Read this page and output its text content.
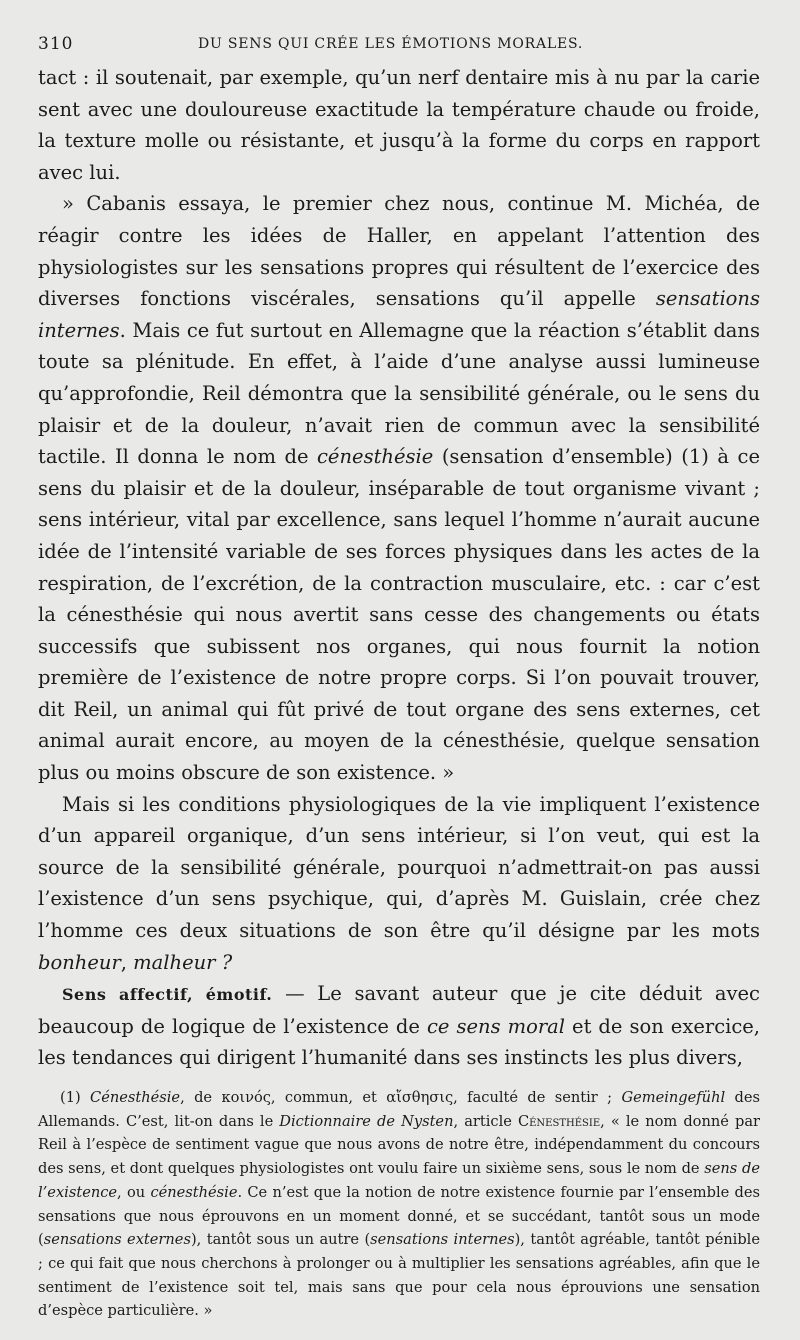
310	DU SENS QUI CRÉE LES ÉMOTIONS MORALES.

tact : il soutenait, par exemple, qu’un nerf dentaire mis à nu par la carie sent avec une douloureuse exactitude la température chaude ou froide, la texture molle ou résistante, et jusqu’à la forme du corps en rapport avec lui.

» Cabanis essaya, le premier chez nous, continue M. Michéa, de réagir contre les idées de Haller, en appelant l’attention des physiologistes sur les sensations propres qui résultent de l’exercice des diverses fonctions viscérales, sensations qu’il appelle sensations internes. Mais ce fut surtout en Allemagne que la réaction s’établit dans toute sa plénitude. En effet, à l’aide d’une analyse aussi lumineuse qu’approfondie, Reil démontra que la sensibilité générale, ou le sens du plaisir et de la douleur, n’avait rien de commun avec la sensibilité tactile. Il donna le nom de cénesthésie (sensation d’ensemble) (1) à ce sens du plaisir et de la douleur, inséparable de tout organisme vivant ; sens intérieur, vital par excellence, sans lequel l’homme n’aurait aucune idée de l’intensité variable de ses forces physiques dans les actes de la respiration, de l’excrétion, de la contraction musculaire, etc. : car c’est la cénesthésie qui nous avertit sans cesse des changements ou états successifs que subissent nos organes, qui nous fournit la notion première de l’existence de notre propre corps. Si l’on pouvait trouver, dit Reil, un animal qui fût privé de tout organe des sens externes, cet animal aurait encore, au moyen de la cénesthésie, quelque sensation plus ou moins obscure de son existence. »

Mais si les conditions physiologiques de la vie impliquent l’existence d’un appareil organique, d’un sens intérieur, si l’on veut, qui est la source de la sensibilité générale, pourquoi n’admettrait-on pas aussi l’existence d’un sens psychique, qui, d’après M. Guislain, crée chez l’homme ces deux situations de son être qu’il désigne par les mots bonheur, malheur ?

Sens affectif, émotif. — Le savant auteur que je cite déduit avec beaucoup de logique de l’existence de ce sens moral et de son exercice, les tendances qui dirigent l’humanité dans ses instincts les plus divers,

(1) Cénesthésie, de κοινός, commun, et αἴσθησις, faculté de sentir ; Gemeingefühl des Allemands. C’est, lit-on dans le Dictionnaire de Nysten, article Cénesthésie, « le nom donné par Reil à l’espèce de sentiment vague que nous avons de notre être, indépendamment du concours des sens, et dont quelques physiologistes ont voulu faire un sixième sens, sous le nom de sens de l’existence, ou cénesthésie. Ce n’est que la notion de notre existence fournie par l’ensemble des sensations que nous éprouvons en un moment donné, et se succédant, tantôt sous un mode (sensations externes), tantôt sous un autre (sensations internes), tantôt agréable, tantôt pénible ; ce qui fait que nous cherchons à prolonger ou à multiplier les sensations agréables, afin que le sentiment de l’existence soit tel, mais sans que pour cela nous éprouvions une sensation d’espèce particulière. »
